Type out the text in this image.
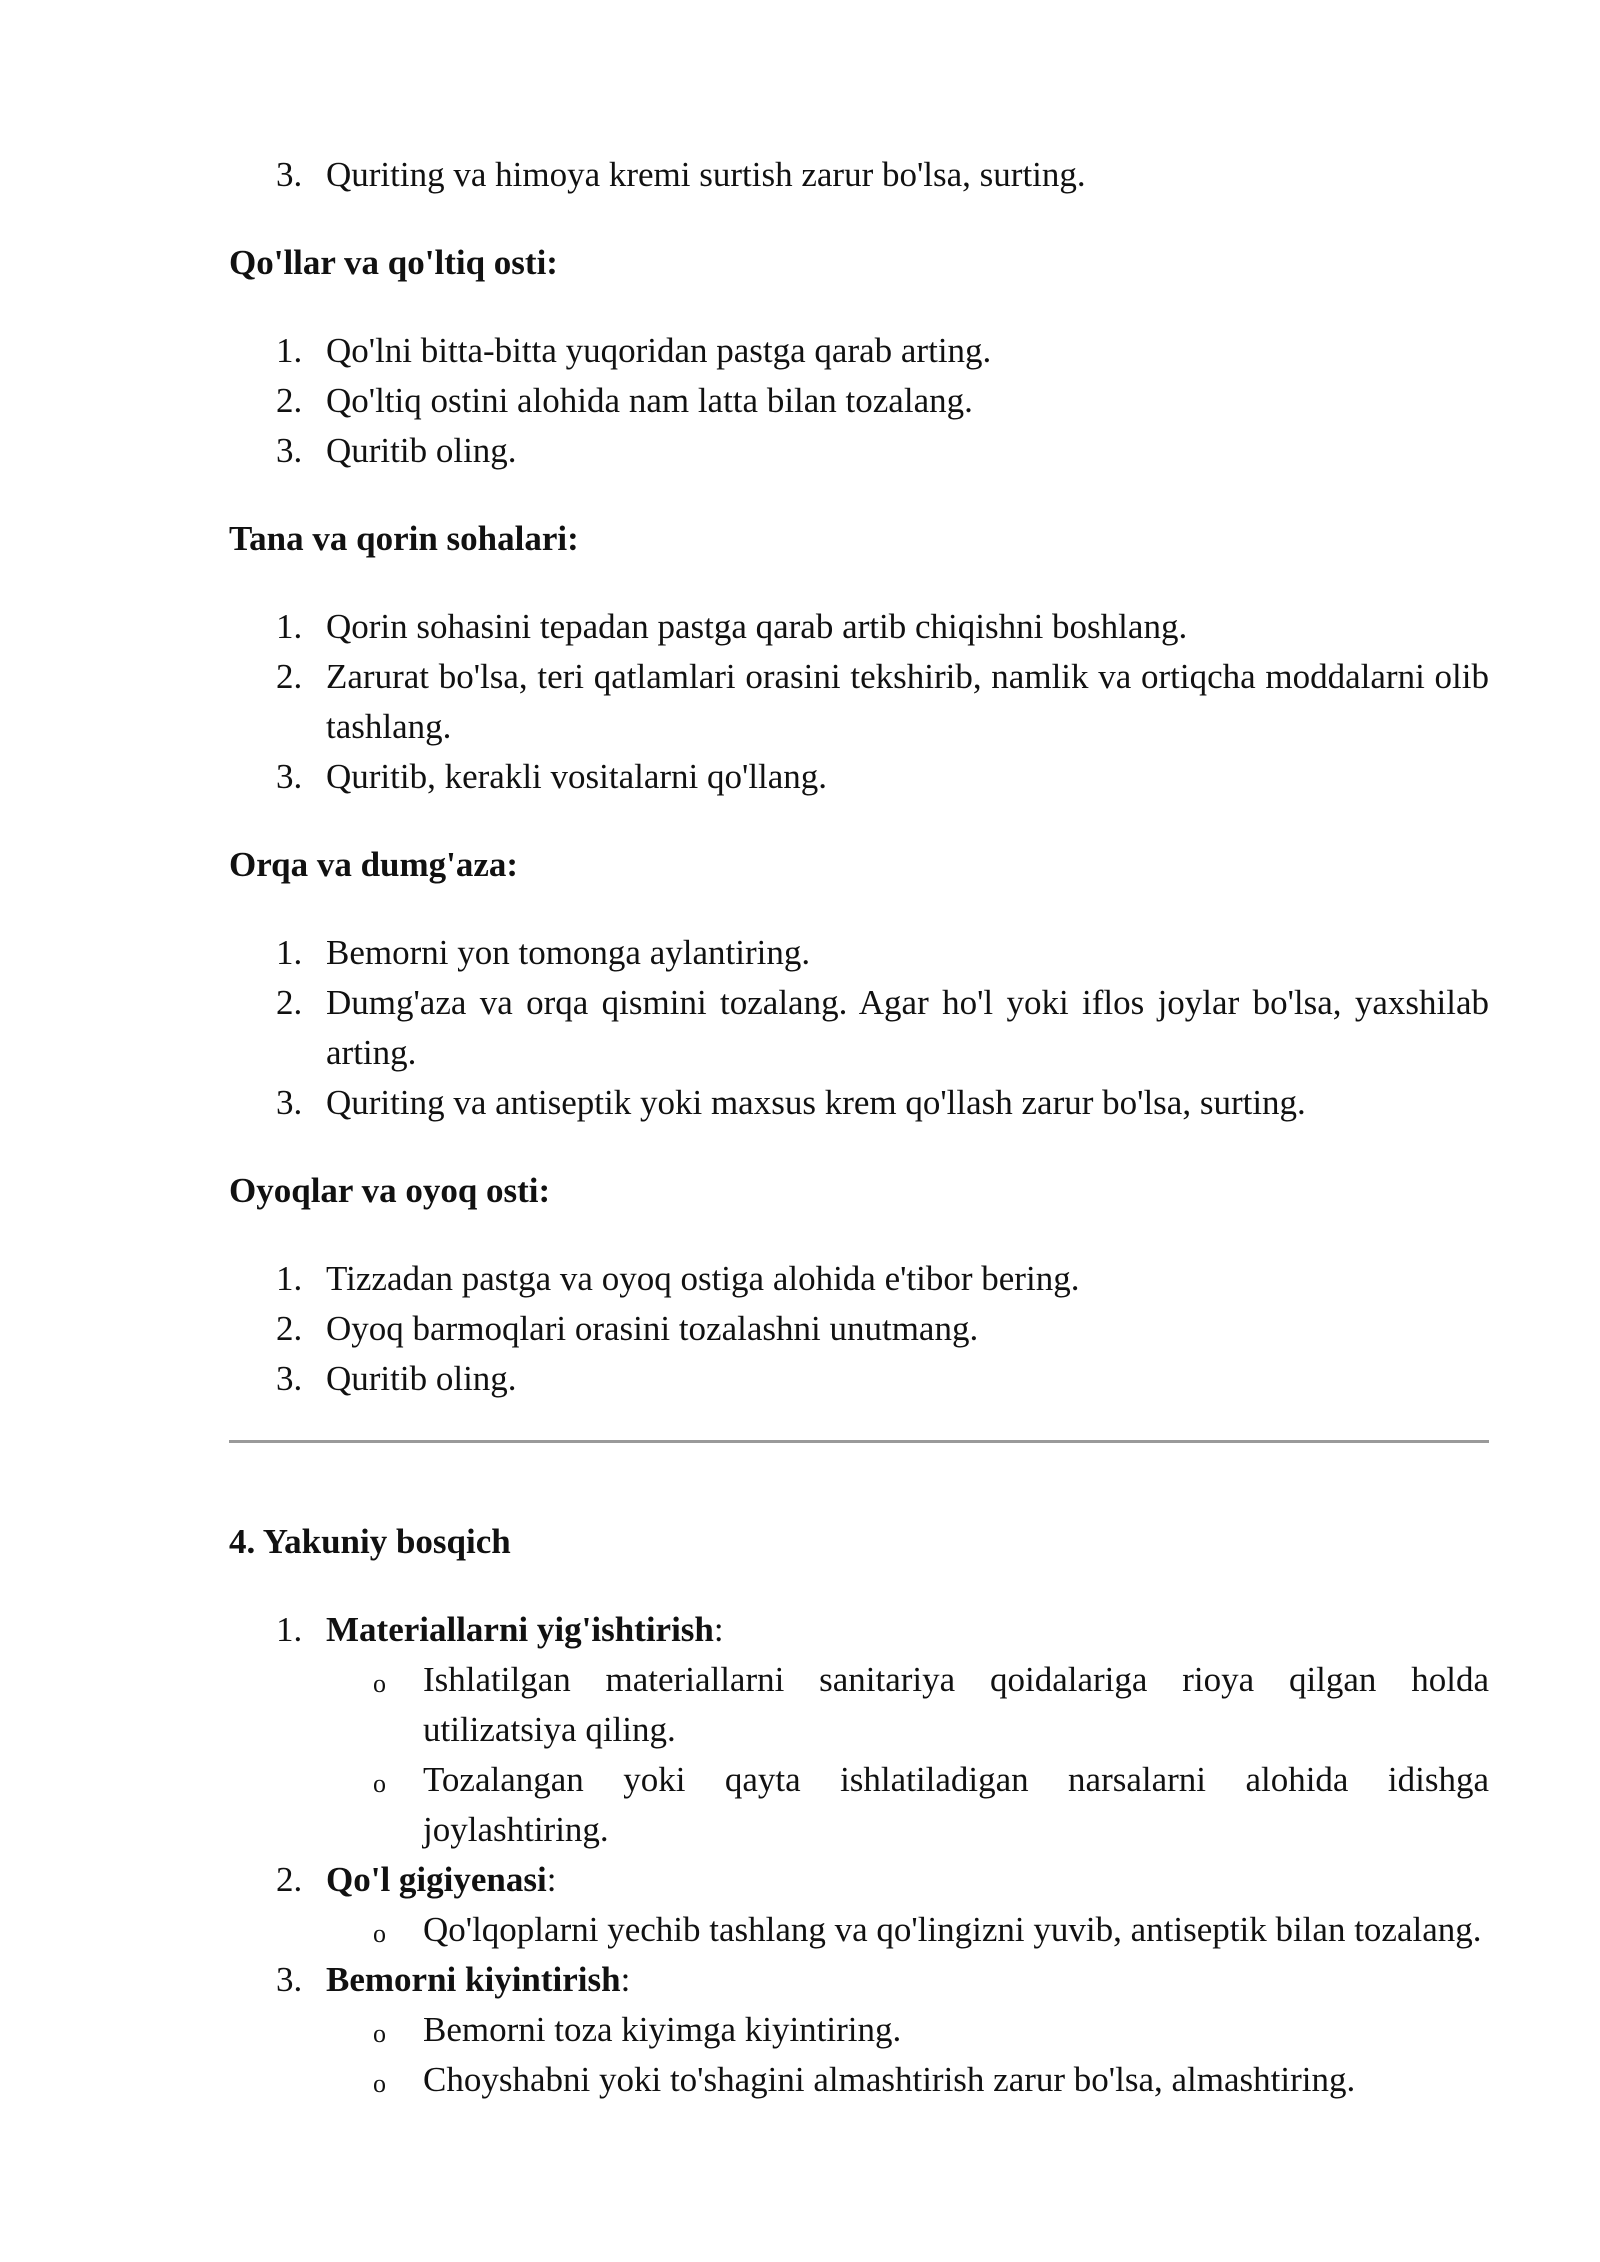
3. Quriting va himoya kremi surtish zarur bo'lsa, surting.

Qo'llar va qo'ltiq osti:

1. Qo'lni bitta-bitta yuqoridan pastga qarab arting.
2. Qo'ltiq ostini alohida nam latta bilan tozalang.
3. Quritib oling.

Tana va qorin sohalari:

1. Qorin sohasini tepadan pastga qarab artib chiqishni boshlang.
2. Zarurat bo'lsa, teri qatlamlari orasini tekshirib, namlik va ortiqcha moddalarni olib tashlang.
3. Quritib, kerakli vositalarni qo'llang.

Orqa va dumg'aza:

1. Bemorni yon tomonga aylantiring.
2. Dumg'aza va orqa qismini tozalang. Agar ho'l yoki iflos joylar bo'lsa, yaxshilab arting.
3. Quriting va antiseptik yoki maxsus krem qo'llash zarur bo'lsa, surting.

Oyoqlar va oyoq osti:

1. Tizzadan pastga va oyoq ostiga alohida e'tibor bering.
2. Oyoq barmoqlari orasini tozalashni unutmang.
3. Quritib oling.

4. Yakuniy bosqich

1. Materiallarni yig'ishtirish:
o Ishlatilgan materiallarni sanitariya qoidalariga rioya qilgan holda utilizatsiya qiling.
o Tozalangan yoki qayta ishlatiladigan narsalarni alohida idishga joylashtiring.
2. Qo'l gigiyenasi:
o Qo'lqoplarni yechib tashlang va qo'lingizni yuvib, antiseptik bilan tozalang.
3. Bemorni kiyintirish:
o Bemorni toza kiyimga kiyintiring.
o Choyshabni yoki to'shagini almashtirish zarur bo'lsa, almashtiring.
